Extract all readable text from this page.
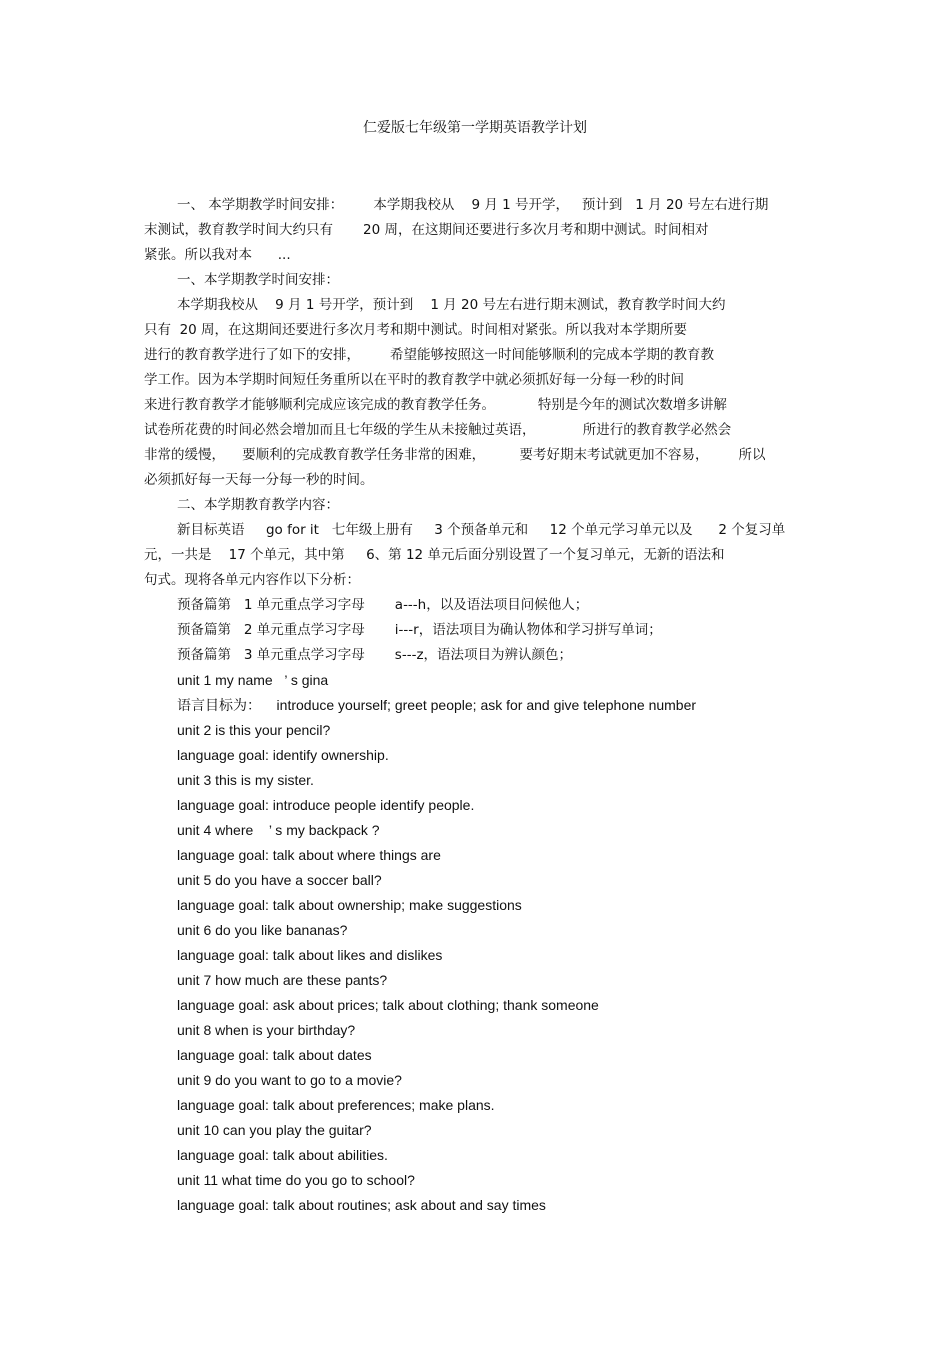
仁爱版七年级第一学期英语教学计划
一、 本学期教学时间安排：       本学期我校从    9 月 1 号开学，   预计到   1 月 20 号左右进行期
末测试，教育教学时间大约只有       20 周，在这期间还要进行多次月考和期中测试。时间相对
紧张。所以我对本      ...
一、本学期教学时间安排：
本学期我校从    9 月 1 号开学，预计到    1 月 20 号左右进行期末测试，教育教学时间大约
只有  20 周，在这期间还要进行多次月考和期中测试。时间相对紧张。所以我对本学期所要
进行的教育教学进行了如下的安排，       希望能够按照这一时间能够顺利的完成本学期的教育教
学工作。因为本学期时间短任务重所以在平时的教育教学中就必须抓好每一分每一秒的时间
来进行教育教学才能够顺利完成应该完成的教育教学任务。          特别是今年的测试次数增多讲解
试卷所花费的时间必然会增加而且七年级的学生从未接触过英语，           所进行的教育教学必然会
非常的缓慢，    要顺利的完成教育教学任务非常的困难，        要考好期末考试就更加不容易，       所以
必须抓好每一天每一分每一秒的时间。
二、本学期教育教学内容：
新目标英语     go for it   七年级上册有     3 个预备单元和     12 个单元学习单元以及      2 个复习单
元，一共是    17 个单元，其中第     6、第 12 单元后面分别设置了一个复习单元，无新的语法和
句式。现将各单元内容作以下分析：
预备篇第   1 单元重点学习字母       a---h，以及语法项目问候他人；
预备篇第   2 单元重点学习字母       i---r，语法项目为确认物体和学习拼写单词；
预备篇第   3 单元重点学习字母       s---z，语法项目为辨认颜色；
unit 1 my name   ’ s gina
语言目标为：    introduce yourself; greet people; ask for and give telephone number
unit 2 is this your pencil?
language goal: identify ownership.
unit 3 this is my sister.
language goal: introduce people identify people.
unit 4 where    ’ s my backpack ?
language goal: talk about where things are
unit 5 do you have a soccer ball?
language goal: talk about ownership; make suggestions
unit 6 do you like bananas?
language goal: talk about likes and dislikes
unit 7 how much are these pants?
language goal: ask about prices; talk about clothing; thank someone
unit 8 when is your birthday?
language goal: talk about dates
unit 9 do you want to go to a movie?
language goal: talk about preferences; make plans.
unit 10 can you play the guitar?
language goal: talk about abilities.
unit 11 what time do you go to school?
language goal: talk about routines; ask about and say times
